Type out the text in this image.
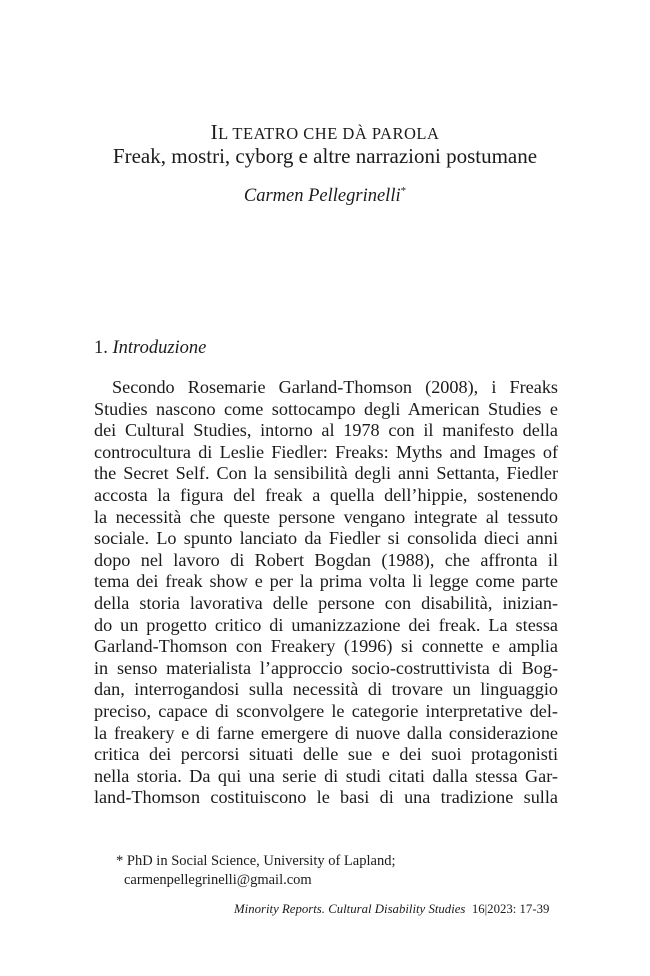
IL TEATRO CHE DÀ PAROLA
Freak, mostri, cyborg e altre narrazioni postumane
Carmen Pellegrinelli*
1. Introduzione
Secondo Rosemarie Garland-Thomson (2008), i Freaks
Studies nascono come sottocampo degli American Studies e
dei Cultural Studies, intorno al 1978 con il manifesto della
controcultura di Leslie Fiedler: Freaks: Myths and Images of
the Secret Self. Con la sensibilità degli anni Settanta, Fiedler
accosta la figura del freak a quella dell’hippie, sostenendo
la necessità che queste persone vengano integrate al tessuto
sociale. Lo spunto lanciato da Fiedler si consolida dieci anni
dopo nel lavoro di Robert Bogdan (1988), che affronta il
tema dei freak show e per la prima volta li legge come parte
della storia lavorativa delle persone con disabilità, inizian-
do un progetto critico di umanizzazione dei freak. La stessa
Garland-Thomson con Freakery (1996) si connette e amplia
in senso materialista l’approccio socio-costruttivista di Bog-
dan, interrogandosi sulla necessità di trovare un linguaggio
preciso, capace di sconvolgere le categorie interpretative del-
la freakery e di farne emergere di nuove dalla considerazione
critica dei percorsi situati delle sue e dei suoi protagonisti
nella storia. Da qui una serie di studi citati dalla stessa Gar-
land-Thomson costituiscono le basi di una tradizione sulla
* PhD in Social Science, University of Lapland;
carmenpellegrinelli@gmail.com
Minority Reports. Cultural Disability Studies 16|2023: 17-39
